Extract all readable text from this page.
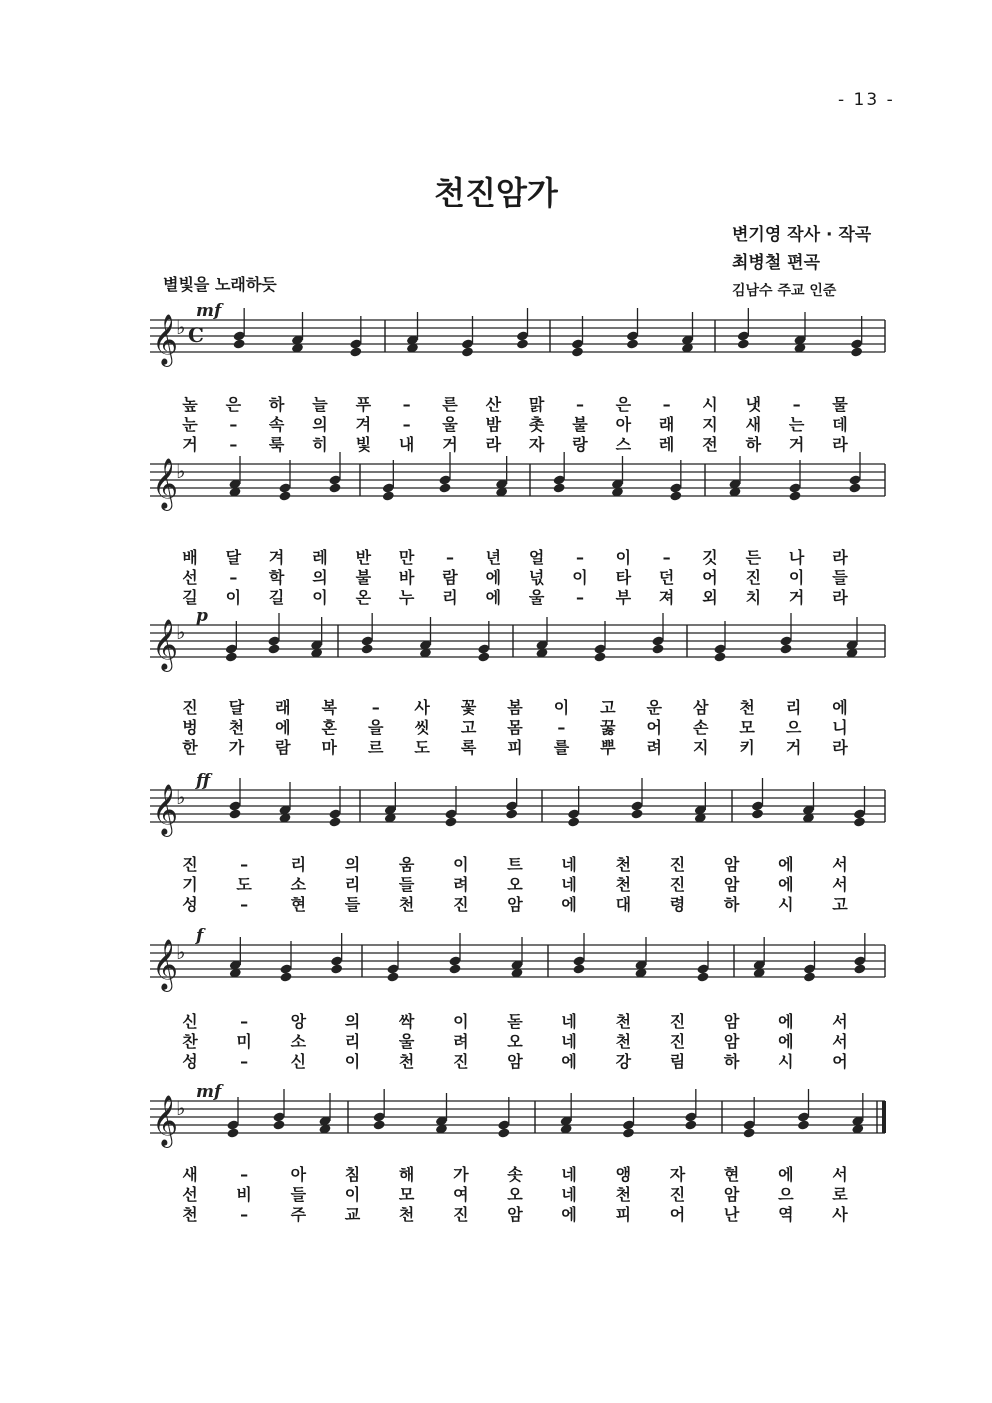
- 13 -
천진암가
변기영 작사 · 작곡
최병철 편곡
김남수 주교 인준
별빛을 노래하듯
𝄞
♭ C
mf
높 은 하 늘 푸 – 른 산 맑 – 은 – 시 냇 – 물
눈 – 속 의 겨 – 울 밤 촛 불 아 래 지 새 는 데
거 – 룩 히 빛 내 거 라 자 랑 스 레 전 하 거 라
𝄞
♭
배 달 겨 레 반 만 – 년 얼 – 이 – 깃 든 나 라
선 – 학 의 불 바 람 에 넋 이 타 던 어 진 이 들
길 이 길 이 온 누 리 에 울 – 부 져 외 치 거 라
𝄞
♭
p
진 달 래 복 – 사 꽃 봄 이 고 운 삼 천 리 에
벙 천 에 혼 을 씻 고 몸 – 꿇 어 손 모 으 니
한 가 람 마 르 도 록 피 를 뿌 려 지 키 거 라
𝄞
♭
ff
진	–	리 의 움 이 트 네 천 진 암 에 서
기 도 소 리 들 려 오 네 천 진 암 에 서
성	–	현 들 천 진 암 에 대 령 하 시 고
𝄞
♭
f
신	–	앙 의 싹 이 돋 네 천 진 암 에 서
찬 미 소 리 울 려 오 네 천 진 암 에 서
성	–	신 이 천 진 암 에 강 림 하 시 어
𝄞
♭
mf
새	–	아 침 해 가 솟 네 앵 자 현 에 서
선 비 들 이 모 여 오 네 천 진 암 으 로
천	–	주 교 천 진 암 에 피 어 난 역 사
